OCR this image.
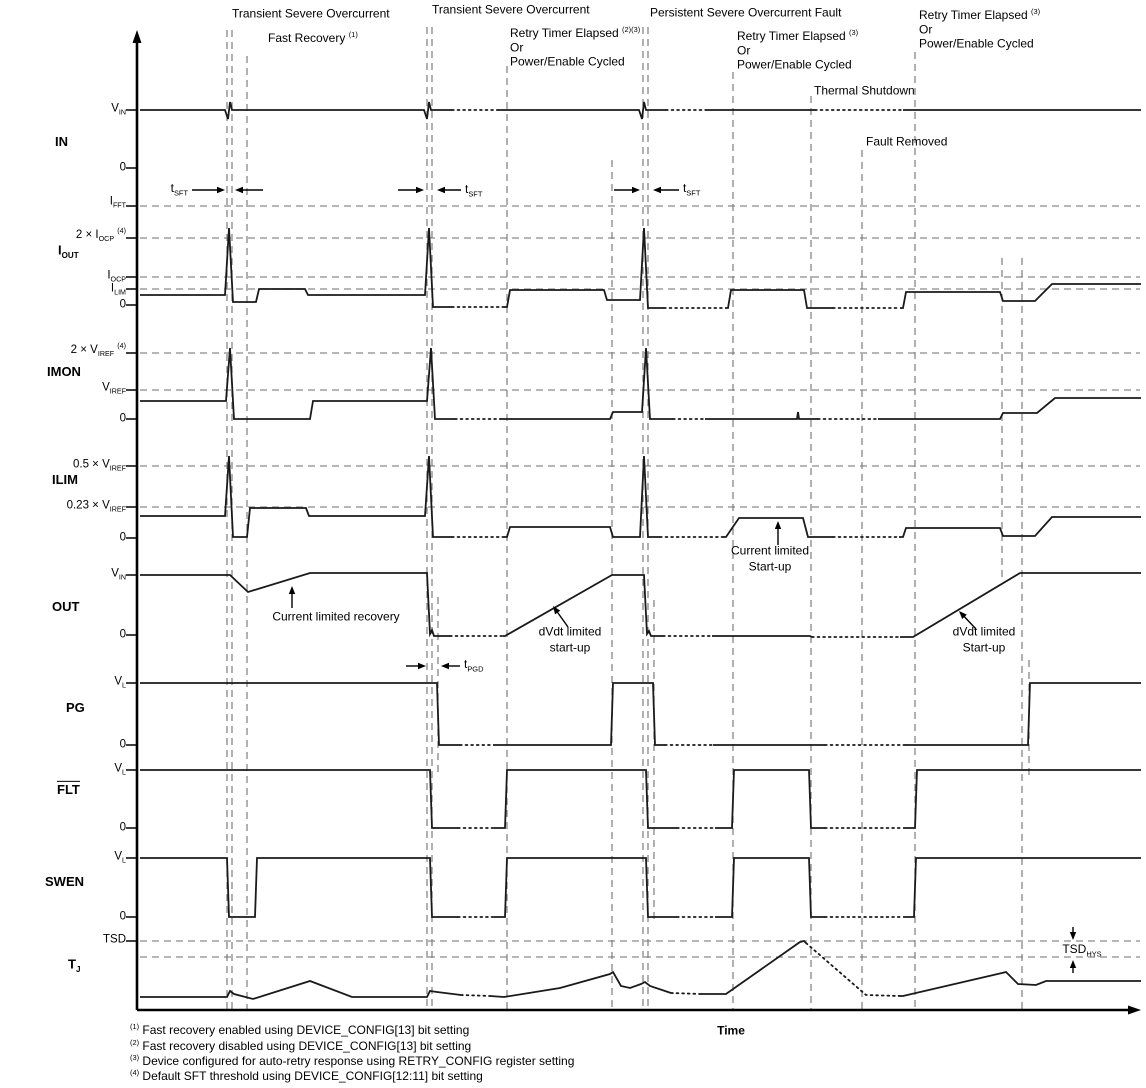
Transient Severe Overcurrent
Fast Recovery $^{(1)}$
Transient Severe Overcurrent
Retry Timer Elapsed $^{(2)(3)}$
Or
Power/Enable Cycled
Persistent Severe Overcurrent Fault
Retry Timer Elapsed $^{(3)}$
Or
Power/Enable Cycled
Retry Timer Elapsed $^{(3)}$
Or
Power/Enable Cycled
Thermal Shutdown
Fault Removed
IN
$I_{OUT}$
IMON
ILIM
OUT
PG
FLT
SWEN
$T_J$
$V_{IN}$
0
$I_{FFT}$
$2 \times I_{OCP}$ $^{(4)}$
$I_{OCP}$
$I_{LIM}$
0
$2 \times V_{IREF}$ $^{(4)}$
$V_{IREF}$
0
$0.5 \times V_{IREF}$
$0.23 \times V_{IREF}$
0
$V_{IN}$
0
$V_L$
0
$V_L$
0
$V_L$
0
TSD
$t_{SFT}$	$t_{SFT}$	$t_{SFT}$
$t_{PGD}$
Current limited recovery
dVdt limited
start-up
Current limited
Start-up
dVdt limited
Start-up
$TSD_{HYS}$
Time
$^{(1)}$ Fast recovery enabled using DEVICE_CONFIG[13] bit setting
$^{(2)}$ Fast recovery disabled using DEVICE_CONFIG[13] bit setting
$^{(3)}$ Device configured for auto-retry response using RETRY_CONFIG register setting
$^{(4)}$ Default SFT threshold using DEVICE_CONFIG[12:11] bit setting
